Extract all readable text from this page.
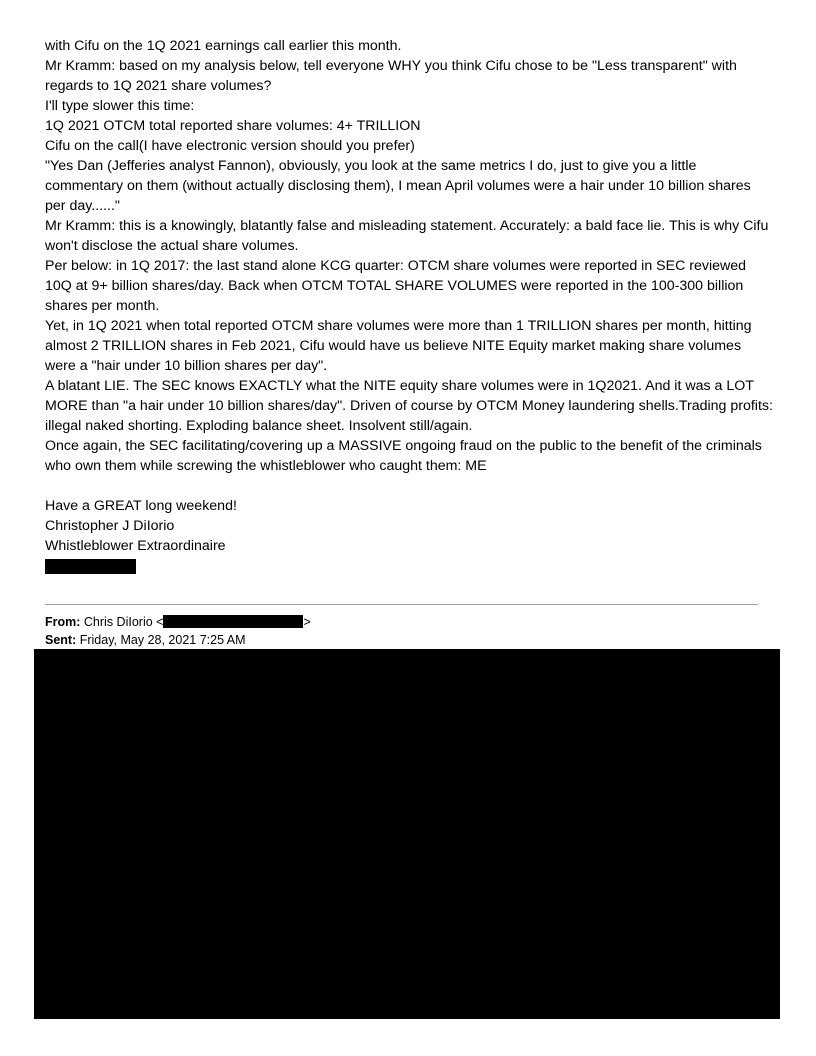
with Cifu on the 1Q 2021 earnings call earlier this month.

Mr Kramm: based on my analysis below, tell everyone WHY you think Cifu chose to be "Less transparent" with regards to 1Q 2021 share volumes?

I'll type slower this time:

1Q 2021 OTCM total reported share volumes: 4+ TRILLION

Cifu on the call(I have electronic version should you prefer)

"Yes Dan (Jefferies analyst Fannon), obviously, you look at the same metrics I do, just to give you a little commentary on them (without actually disclosing them), I mean April volumes were a hair under 10 billion shares per day......"

Mr Kramm: this is a knowingly, blatantly false and misleading statement. Accurately: a bald face lie. This is why Cifu won't disclose the actual share volumes.

Per below: in 1Q 2017: the last stand alone KCG quarter: OTCM share volumes were reported in SEC reviewed 10Q at 9+ billion shares/day. Back when OTCM TOTAL SHARE VOLUMES were reported in the 100-300 billion shares per month.

Yet, in 1Q 2021 when total reported OTCM share volumes were more than 1 TRILLION shares per month, hitting almost 2 TRILLION shares in Feb 2021, Cifu would have us believe NITE Equity market making share volumes were a "hair under 10 billion shares per day".

A blatant LIE. The SEC knows EXACTLY what the NITE equity share volumes were in 1Q2021. And it was a LOT MORE than "a hair under 10 billion shares/day". Driven of course by OTCM Money laundering shells.Trading profits: illegal naked shorting. Exploding balance sheet. Insolvent still/again.

Once again, the SEC facilitating/covering up a MASSIVE ongoing fraud on the public to the benefit of the criminals who own them while screwing the whistleblower who caught them: ME

Have a GREAT long weekend!

Christopher J DiIorio

Whistleblower Extraordinaire

From: Chris DiIorio <	>
Sent: Friday, May 28, 2021 7:25 AM
